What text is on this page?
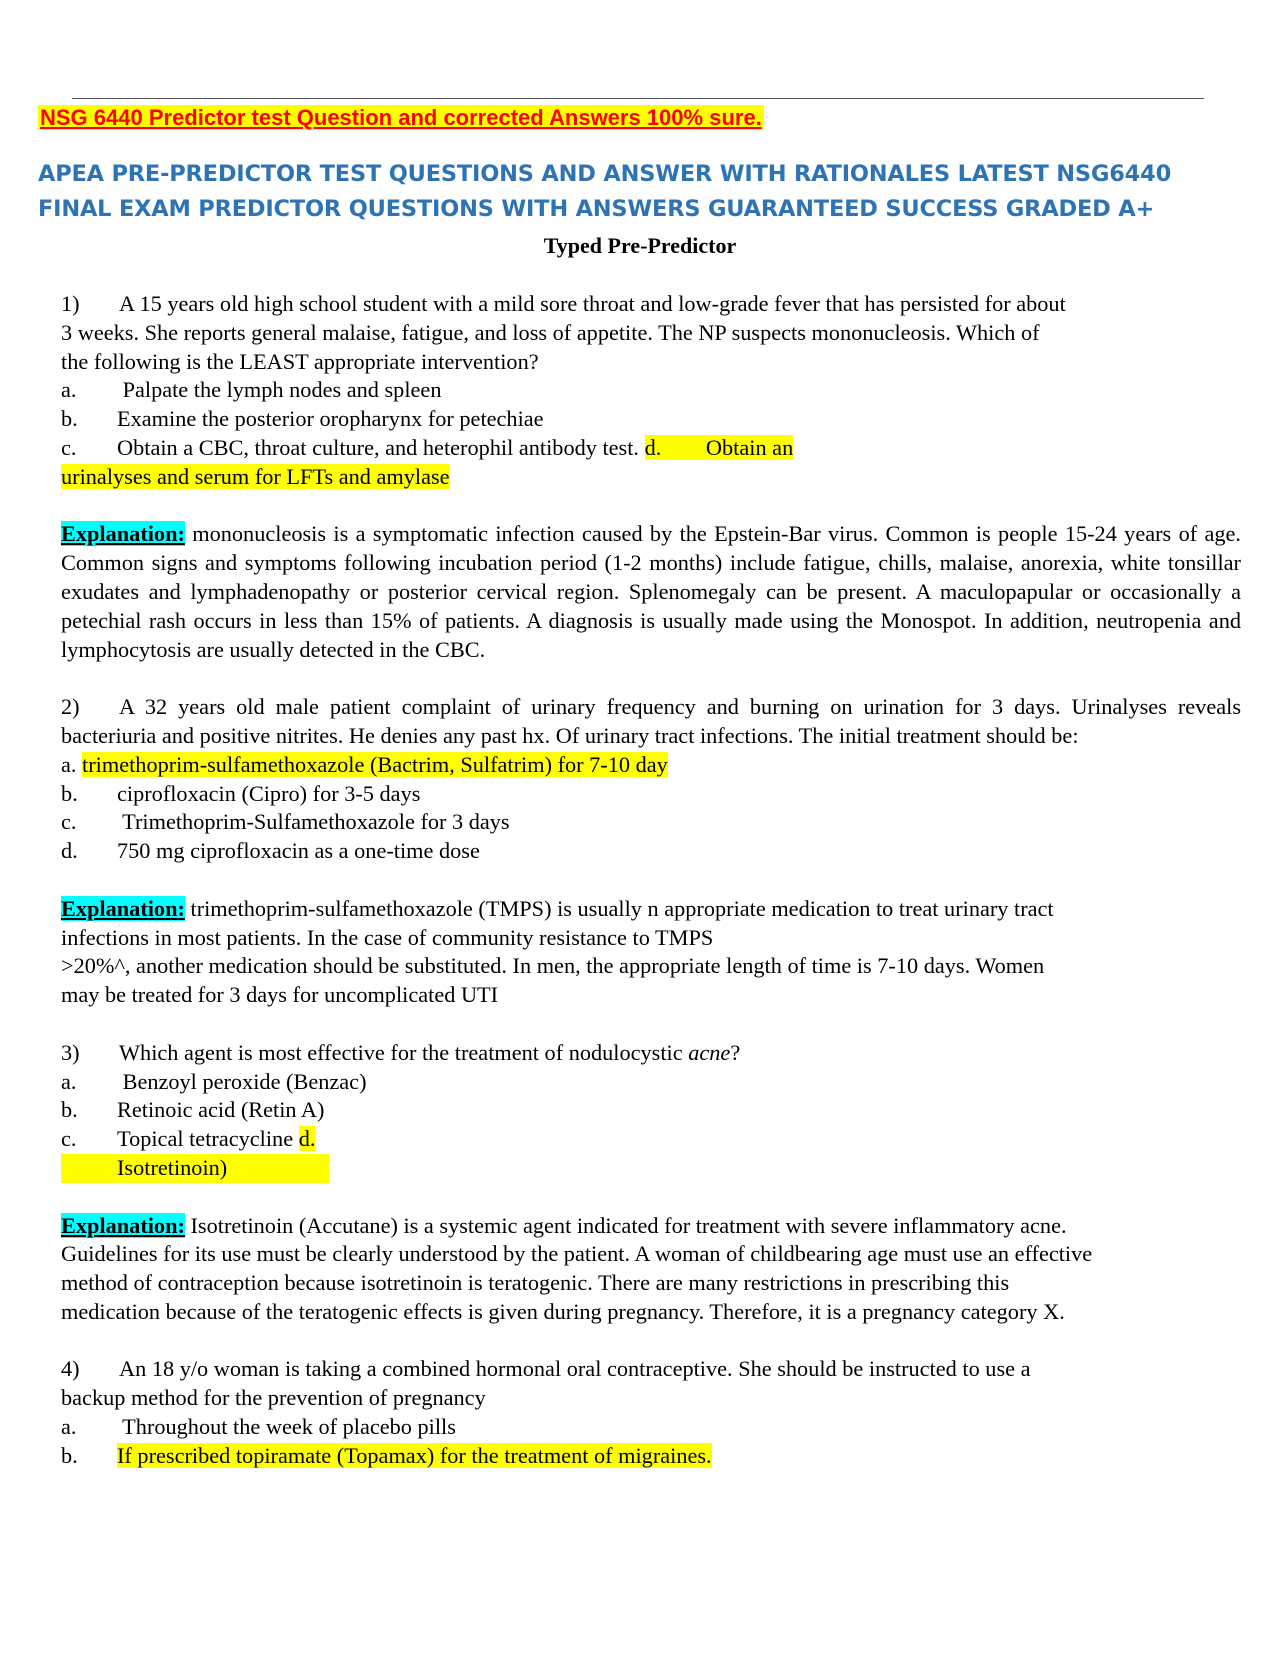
NSG 6440 Predictor test Question and corrected Answers 100% sure.
APEA PRE-PREDICTOR TEST QUESTIONS AND ANSWER WITH RATIONALES LATEST NSG6440 FINAL EXAM PREDICTOR QUESTIONS WITH ANSWERS GUARANTEED SUCCESS GRADED A+
Typed Pre-Predictor

1) A 15 years old high school student with a mild sore throat and low-grade fever that has persisted for about

3 weeks. She reports general malaise, fatigue, and loss of appetite. The NP suspects mononucleosis. Which of

the following is the LEAST appropriate intervention?

a. Palpate the lymph nodes and spleen

b. Examine the posterior oropharynx for petechiae

c. Obtain a CBC, throat culture, and heterophil antibody test. d.        Obtain an

urinalyses and serum for LFTs and amylase

Explanation: mononucleosis is a symptomatic infection caused by the Epstein-Bar virus. Common is people 15-24 years of age. Common signs and symptoms following incubation period (1-2 months) include fatigue, chills, malaise, anorexia, white tonsillar exudates and lymphadenopathy or posterior cervical region. Splenomegaly can be present. A maculopapular or occasionally a petechial rash occurs in less than 15% of patients. A diagnosis is usually made using the Monospot. In addition, neutropenia and lymphocytosis are usually detected in the CBC.

2) A 32 years old male patient complaint of urinary frequency and burning on urination for 3 days. Urinalyses reveals bacteriuria and positive nitrites. He denies any past hx. Of urinary tract infections. The initial treatment should be:

a. trimethoprim-sulfamethoxazole (Bactrim, Sulfatrim) for 7-10 day

b. ciprofloxacin (Cipro) for 3-5 days

c. Trimethoprim-Sulfamethoxazole for 3 days

d. 750 mg ciprofloxacin as a one-time dose

Explanation: trimethoprim-sulfamethoxazole (TMPS) is usually n appropriate medication to treat urinary tract

infections in most patients. In the case of community resistance to TMPS

>20%^, another medication should be substituted. In men, the appropriate length of time is 7-10 days. Women

may be treated for 3 days for uncomplicated UTI

3) Which agent is most effective for the treatment of nodulocystic acne?

a. Benzoyl peroxide (Benzac)

b. Retinoic acid (Retin A)

c. Topical tetracycline d.

Isotretinoin)

Explanation: Isotretinoin (Accutane) is a systemic agent indicated for treatment with severe inflammatory acne.

Guidelines for its use must be clearly understood by the patient. A woman of childbearing age must use an effective

method of contraception because isotretinoin is teratogenic. There are many restrictions in prescribing this

medication because of the teratogenic effects is given during pregnancy. Therefore, it is a pregnancy category X.

4) An 18 y/o woman is taking a combined hormonal oral contraceptive. She should be instructed to use a

backup method for the prevention of pregnancy

a. Throughout the week of placebo pills

b. If prescribed topiramate (Topamax) for the treatment of migraines.
